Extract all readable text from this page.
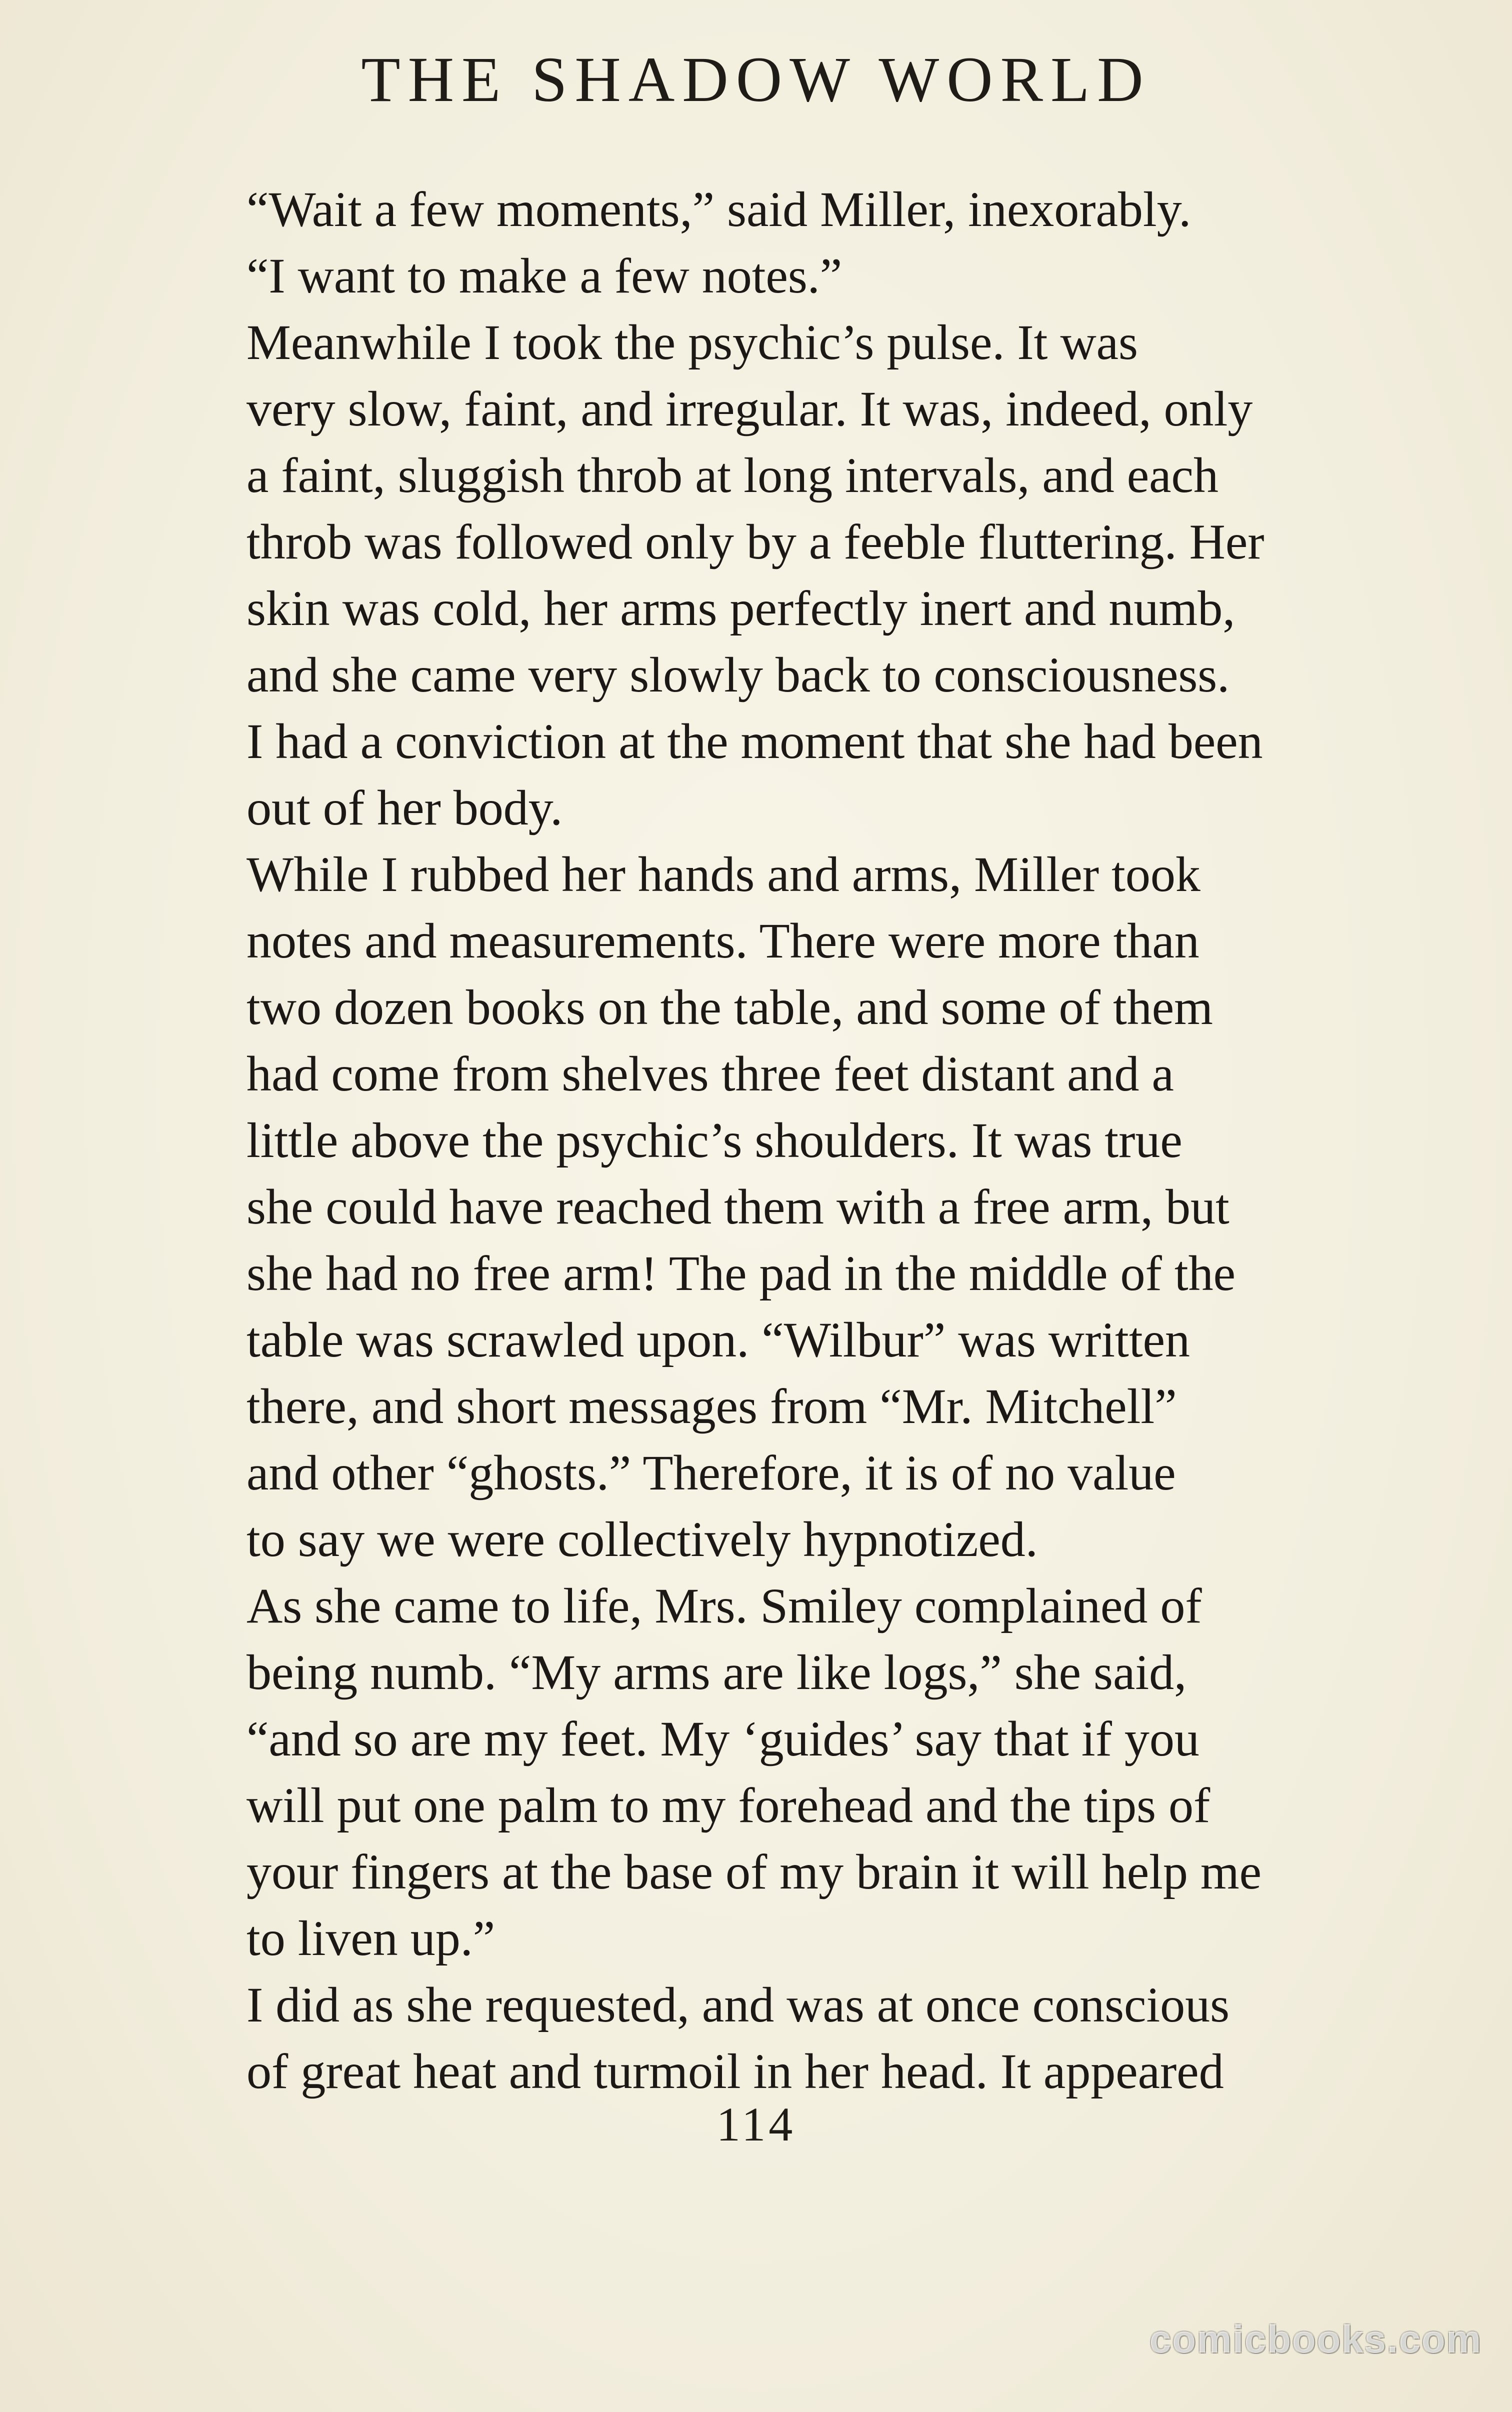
THE SHADOW WORLD

“Wait a few moments,” said Miller, inexorably.
“I want to make a few notes.”

Meanwhile I took the psychic’s pulse. It was
very slow, faint, and irregular. It was, indeed, only
a faint, sluggish throb at long intervals, and each
throb was followed only by a feeble fluttering. Her
skin was cold, her arms perfectly inert and numb,
and she came very slowly back to consciousness.
I had a conviction at the moment that she had been
out of her body.

While I rubbed her hands and arms, Miller took
notes and measurements. There were more than
two dozen books on the table, and some of them
had come from shelves three feet distant and a
little above the psychic’s shoulders. It was true
she could have reached them with a free arm, but
she had no free arm! The pad in the middle of the
table was scrawled upon. “Wilbur” was written
there, and short messages from “Mr. Mitchell”
and other “ghosts.” Therefore, it is of no value
to say we were collectively hypnotized.

As she came to life, Mrs. Smiley complained of
being numb. “My arms are like logs,” she said,
“and so are my feet. My ‘guides’ say that if you
will put one palm to my forehead and the tips of
your fingers at the base of my brain it will help me
to liven up.”

I did as she requested, and was at once conscious
of great heat and turmoil in her head. It appeared

114
comicbooks.com
